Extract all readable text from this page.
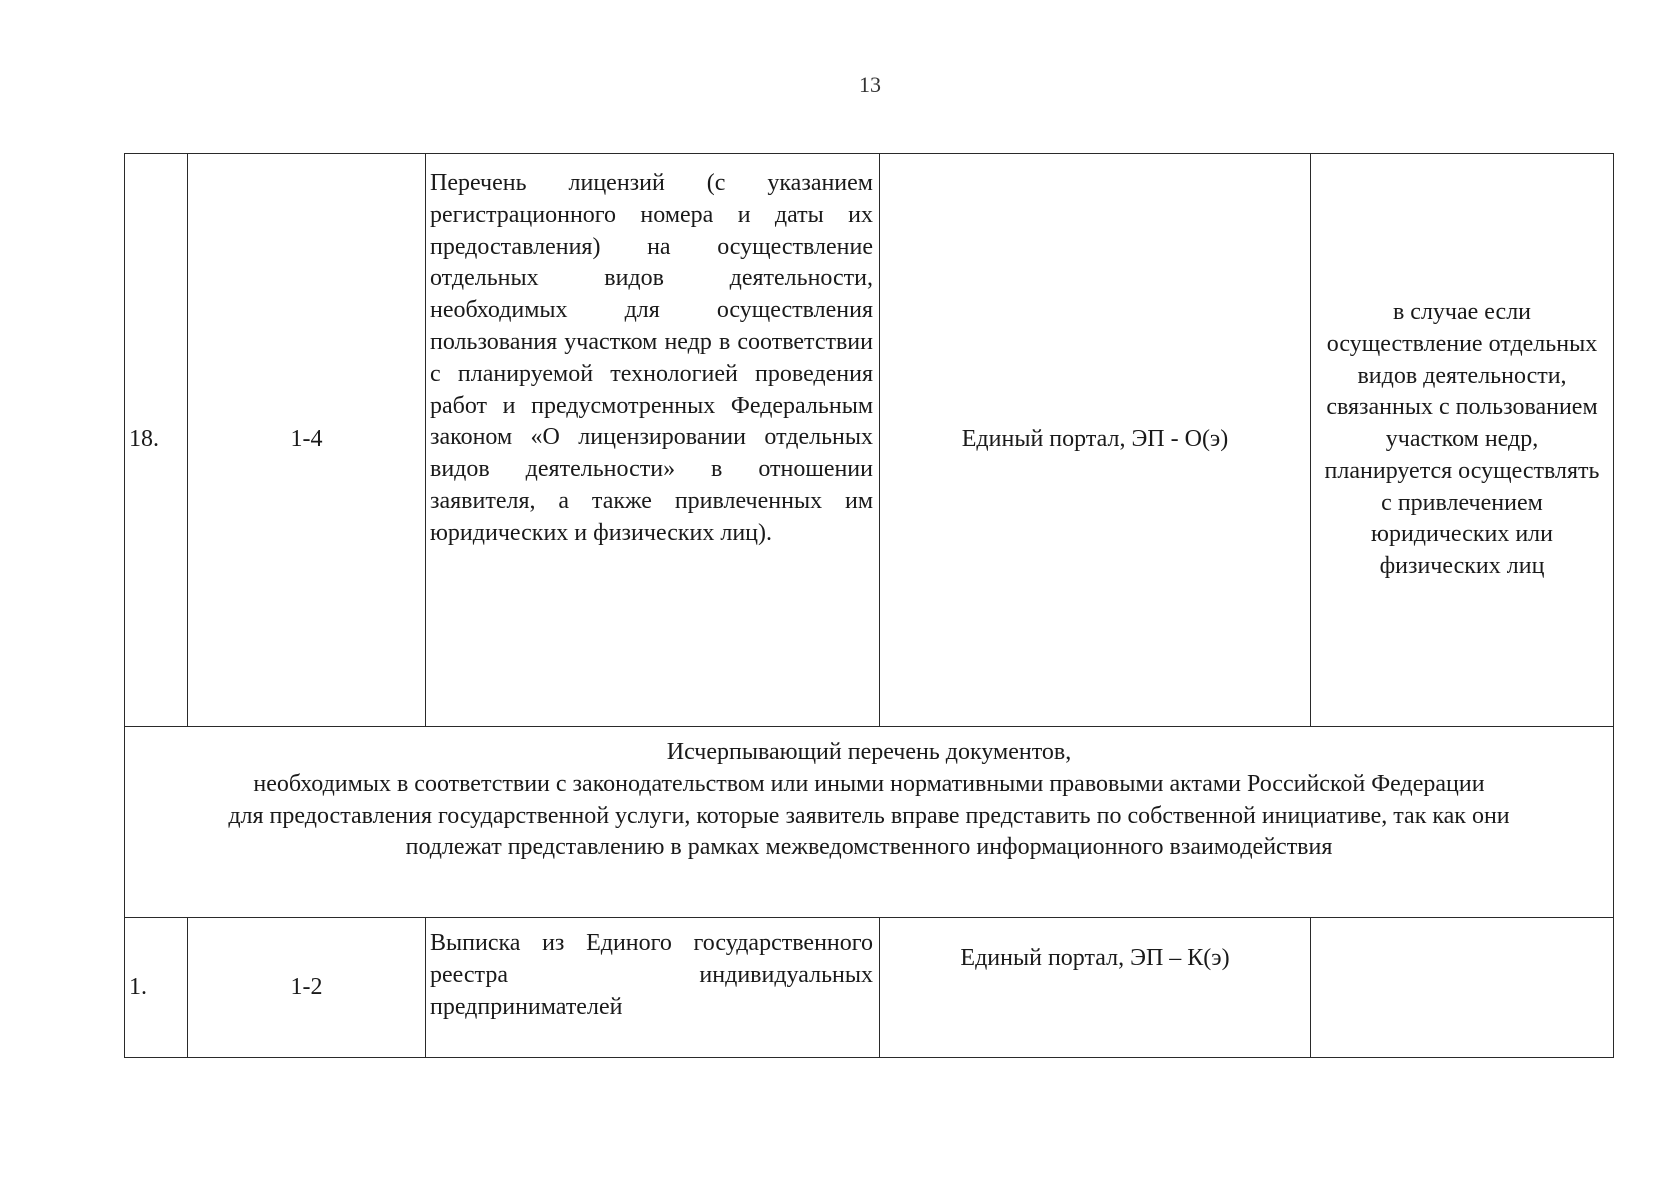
13
18.	1-4	Перечень лицензий (с указанием регистрационного номера и даты их предоставления) на осуществление отдельных видов деятельности, необходимых для осуществления пользования участком недр в соответствии с планируемой технологией проведения работ и предусмотренных Федеральным законом «О лицензировании отдельных видов деятельности» в отношении заявителя, а также привлеченных им юридических и физических лиц).	Единый портал, ЭП - О(э)	в случае если осуществление отдельных видов деятельности, связанных с пользованием участком недр, планируется осуществлять с привлечением юридических или физических лиц

Исчерпывающий перечень документов,
необходимых в соответствии с законодательством или иными нормативными правовыми актами Российской Федерации
для предоставления государственной услуги, которые заявитель вправе представить по собственной инициативе, так как они
подлежат представлению в рамках межведомственного информационного взаимодействия				

1.	1-2	Выписка из Единого государственного реестра индивидуальных предпринимателей	Единый портал, ЭП – К(э)	
